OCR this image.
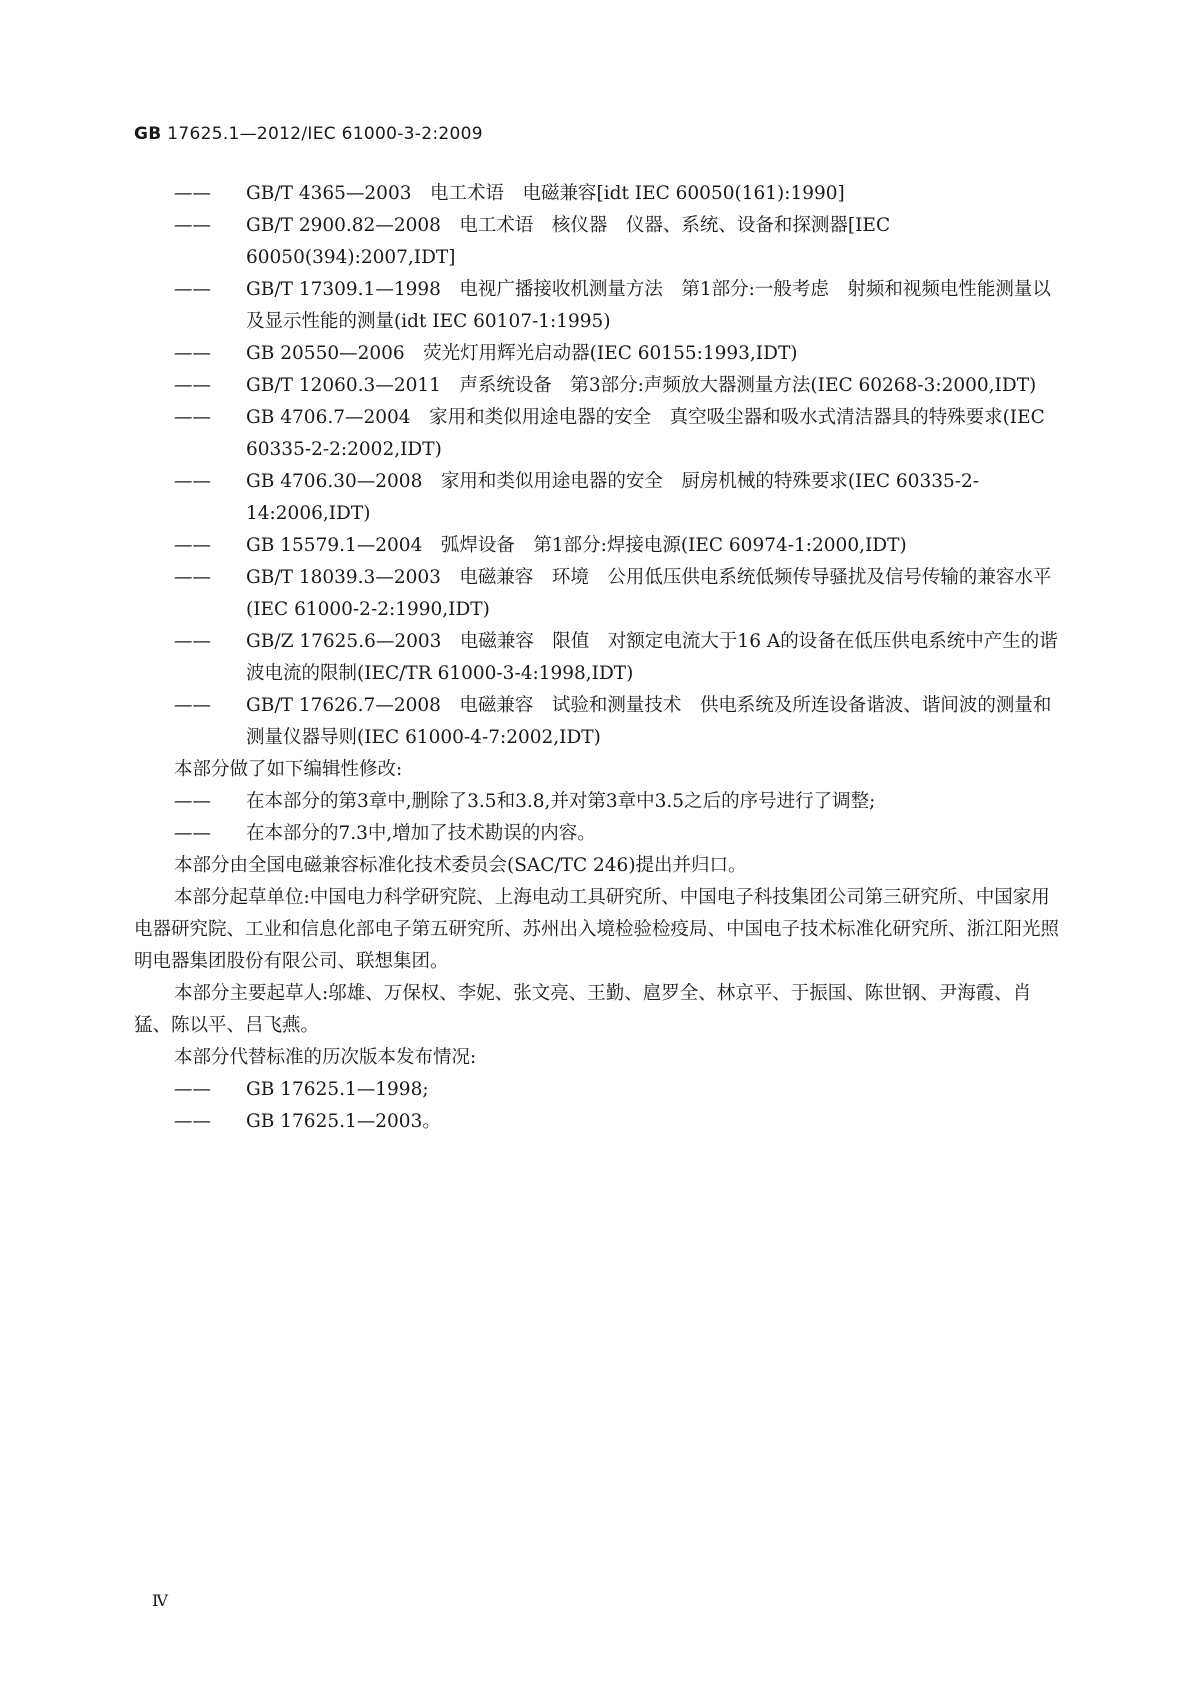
GB 17625.1—2012/IEC 61000-3-2:2009
——	GB/T 4365—2003　电工术语　电磁兼容[idt IEC 60050(161):1990]
——	GB/T 2900.82—2008　电工术语　核仪器　仪器、系统、设备和探测器[IEC 60050(394):2007,IDT]
——	GB/T 17309.1—1998　电视广播接收机测量方法　第1部分:一般考虑　射频和视频电性能测量以及显示性能的测量(idt IEC 60107-1:1995)
——	GB 20550—2006　荧光灯用辉光启动器(IEC 60155:1993,IDT)
——	GB/T 12060.3—2011　声系统设备　第3部分:声频放大器测量方法(IEC 60268-3:2000,IDT)
——	GB 4706.7—2004　家用和类似用途电器的安全　真空吸尘器和吸水式清洁器具的特殊要求(IEC 60335-2-2:2002,IDT)
——	GB 4706.30—2008　家用和类似用途电器的安全　厨房机械的特殊要求(IEC 60335-2-14:2006,IDT)
——	GB 15579.1—2004　弧焊设备　第1部分:焊接电源(IEC 60974-1:2000,IDT)
——	GB/T 18039.3—2003　电磁兼容　环境　公用低压供电系统低频传导骚扰及信号传输的兼容水平(IEC 61000-2-2:1990,IDT)
——	GB/Z 17625.6—2003　电磁兼容　限值　对额定电流大于16 A的设备在低压供电系统中产生的谐波电流的限制(IEC/TR 61000-3-4:1998,IDT)
——	GB/T 17626.7—2008　电磁兼容　试验和测量技术　供电系统及所连设备谐波、谐间波的测量和测量仪器导则(IEC 61000-4-7:2002,IDT)
本部分做了如下编辑性修改:
——	在本部分的第3章中,删除了3.5和3.8,并对第3章中3.5之后的序号进行了调整;
——	在本部分的7.3中,增加了技术勘误的内容。
本部分由全国电磁兼容标准化技术委员会(SAC/TC 246)提出并归口。
本部分起草单位:中国电力科学研究院、上海电动工具研究所、中国电子科技集团公司第三研究所、中国家用电器研究院、工业和信息化部电子第五研究所、苏州出入境检验检疫局、中国电子技术标准化研究所、浙江阳光照明电器集团股份有限公司、联想集团。
本部分主要起草人:邬雄、万保权、李妮、张文亮、王勤、扈罗全、林京平、于振国、陈世钢、尹海霞、肖猛、陈以平、吕飞燕。
本部分代替标准的历次版本发布情况:
——	GB 17625.1—1998;
——	GB 17625.1—2003。
Ⅳ
